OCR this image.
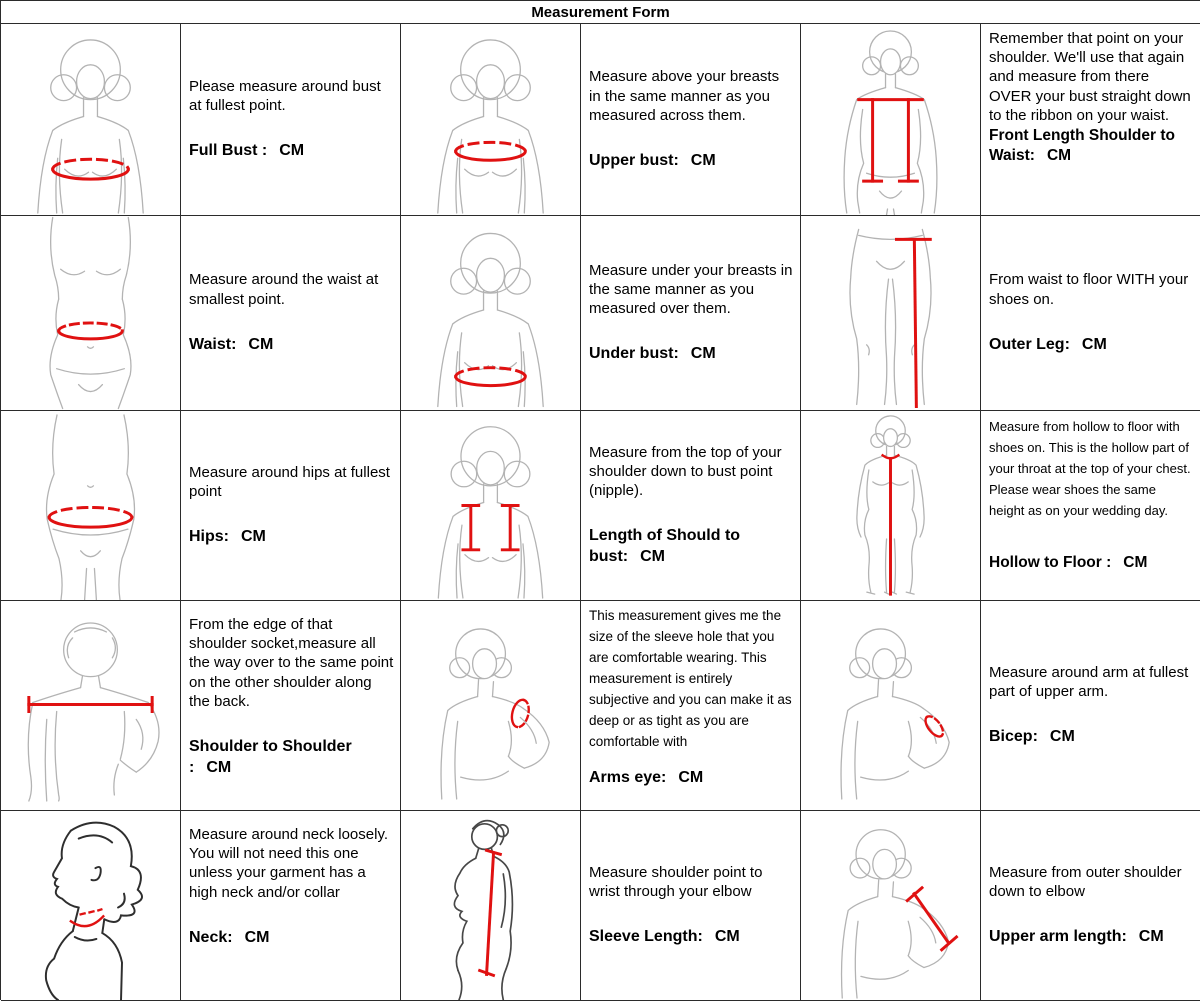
Measurement Form
Please measure around bust at fullest point.
Full Bust : CM
Measure above your breasts in the same manner as you measured across them.
Upper bust: CM
Remember that point on your shoulder. We'll use that again and measure from there OVER your bust straight down to the ribbon on your waist.
Front Length Shoulder to Waist: CM
Measure around the waist at smallest point.
Waist: CM
Measure under your breasts in the same manner as you measured over them.
Under bust: CM
From waist to floor WITH your shoes on.
Outer Leg: CM
Measure around hips at fullest point
Hips: CM
Measure from the top of your shoulder down to bust point (nipple).
Length of Should to bust: CM
Measure from hollow to floor with shoes on. This is the hollow part of your throat at the top of your chest. Please wear shoes the same height as on your wedding day.
Hollow to Floor : CM
From the edge of that shoulder socket,measure all the way over to the same point on the other shoulder along the back.
Shoulder to Shoulder : CM
This measurement gives me the size of the sleeve hole that you are comfortable wearing. This measurement is entirely subjective and you can make it as deep or as tight as you are comfortable with
Arms eye: CM
Measure around arm at fullest part of upper arm.
Bicep: CM
Measure around neck loosely. You will not need this one unless your garment has a high neck and/or collar
Neck: CM
Measure shoulder point to wrist through your elbow
Sleeve Length: CM
Measure from outer shoulder down to elbow
Upper arm length: CM
